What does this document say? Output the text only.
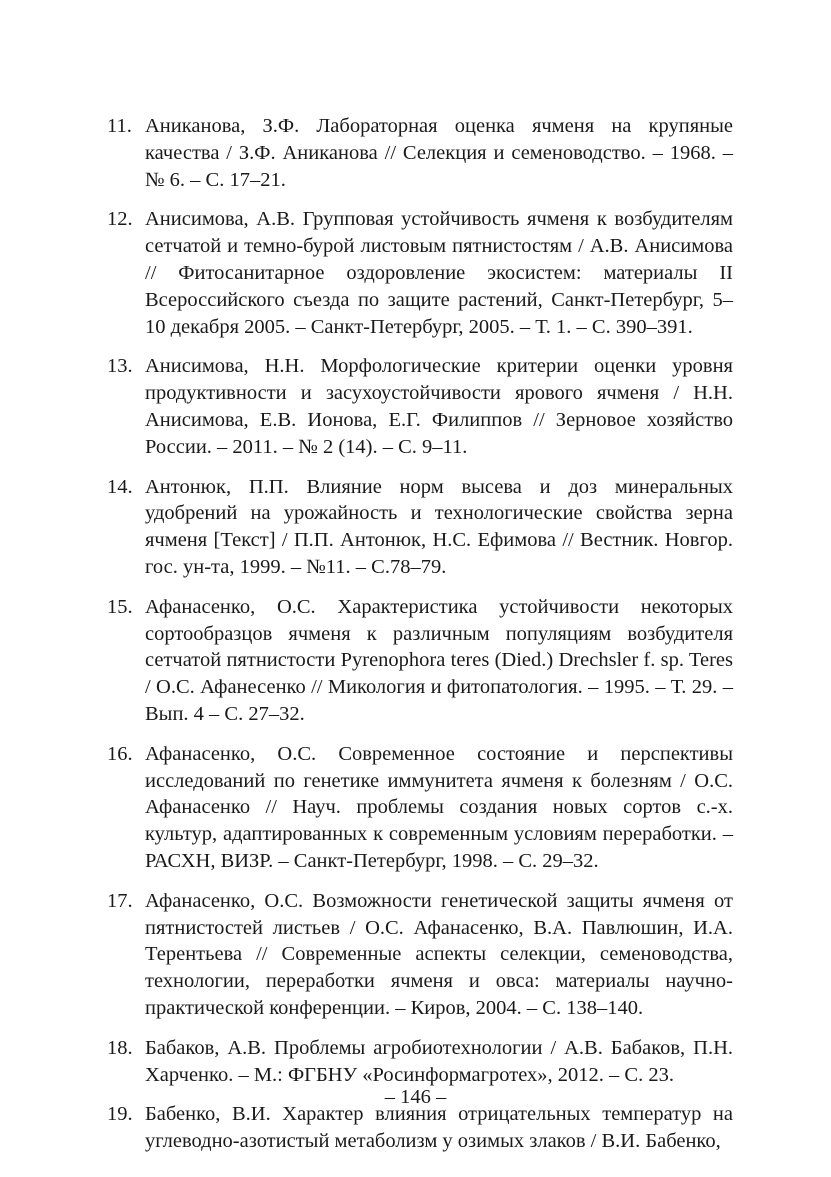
11. Аниканова, З.Ф. Лабораторная оценка ячменя на крупяные качества / З.Ф. Аниканова // Селекция и семеноводство. – 1968. – № 6. – С. 17–21.
12. Анисимова, А.В. Групповая устойчивость ячменя к возбудителям сетчатой и темно-бурой листовым пятнистостям / А.В. Анисимова // Фитосанитарное оздоровление экосистем: материалы II Всероссийского съезда по защите растений, Санкт-Петербург, 5–10 декабря 2005. – Санкт-Петербург, 2005. – Т. 1. – С. 390–391.
13. Анисимова, Н.Н. Морфологические критерии оценки уровня продуктивности и засухоустойчивости ярового ячменя / Н.Н. Анисимова, Е.В. Ионова, Е.Г. Филиппов // Зерновое хозяйство России. – 2011. – № 2 (14). – С. 9–11.
14. Антонюк, П.П. Влияние норм высева и доз минеральных удобрений на урожайность и технологические свойства зерна ячменя [Текст] / П.П. Антонюк, Н.С. Ефимова // Вестник. Новгор. гос. ун-та, 1999. – №11. – С.78–79.
15. Афанасенко, О.С. Характеристика устойчивости некоторых сортообразцов ячменя к различным популяциям возбудителя сетчатой пятнистости Pyrenophora teres (Died.) Drechsler f. sp. Teres / О.С. Афанесенко // Микология и фитопатология. – 1995. – Т. 29. – Вып. 4 – С. 27–32.
16. Афанасенко, О.С. Современное состояние и перспективы исследований по генетике иммунитета ячменя к болезням / О.С. Афанасенко // Науч. проблемы создания новых сортов с.-х. культур, адаптированных к современным условиям переработки. – РАСХН, ВИЗР. – Санкт-Петербург, 1998. – С. 29–32.
17. Афанасенко, О.С. Возможности генетической защиты ячменя от пятнистостей листьев / О.С. Афанасенко, В.А. Павлюшин, И.А. Терентьева // Современные аспекты селекции, семеноводства, технологии, переработки ячменя и овса: материалы научно-практической конференции. – Киров, 2004. – С. 138–140.
18. Бабаков, А.В. Проблемы агробиотехнологии / А.В. Бабаков, П.Н. Харченко. – М.: ФГБНУ «Росинформагротех», 2012. – С. 23.
19. Бабенко, В.И. Характер влияния отрицательных температур на углеводно-азотистый метаболизм у озимых злаков / В.И. Бабенко,
– 146 –
